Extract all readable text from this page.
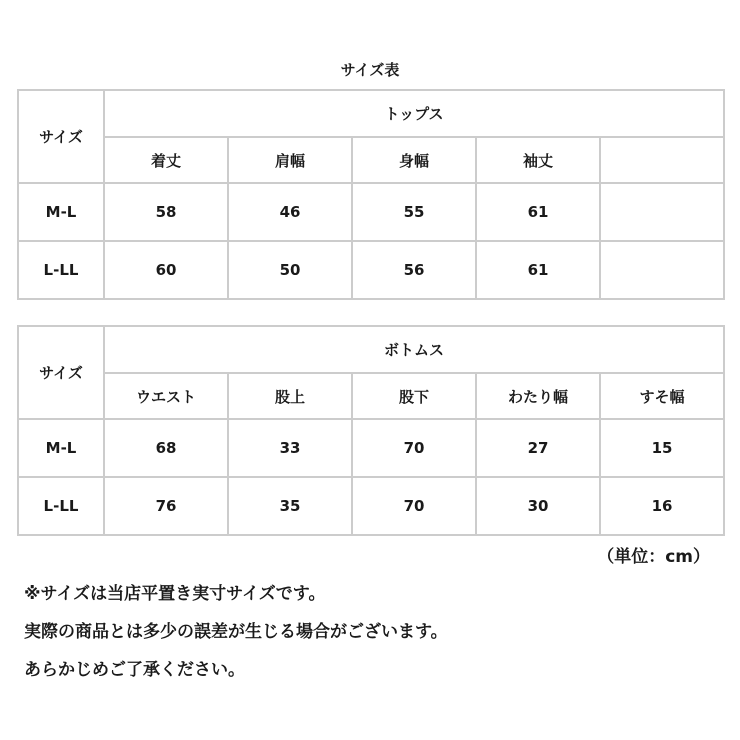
サイズ表
サイズ	トップス				
	着丈	肩幅	身幅	袖丈	
M-L	58	46	55	61	
L-LL	60	50	56	61	
サイズ	ボトムス				
	ウエスト	股上	股下	わたり幅	すそ幅
M-L	68	33	70	27	15
L-LL	76	35	70	30	16
（単位：cm）

※サイズは当店平置き実寸サイズです。

実際の商品とは多少の誤差が生じる場合がございます。

あらかじめご了承ください。
